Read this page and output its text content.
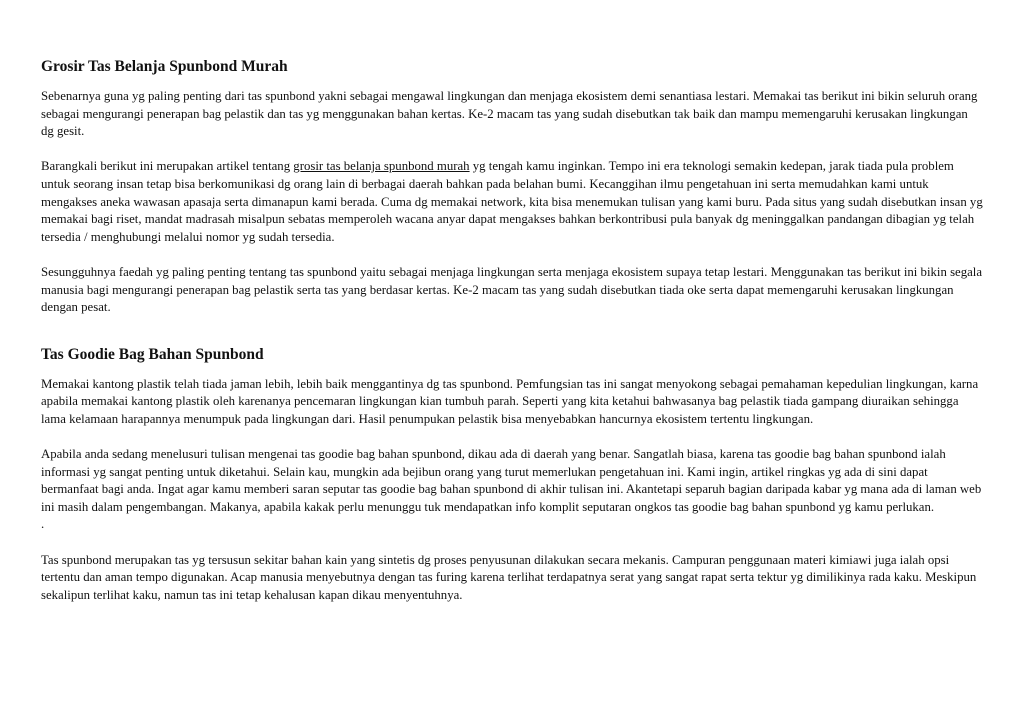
Grosir Tas Belanja Spunbond Murah

Sebenarnya guna yg paling penting dari tas spunbond yakni sebagai mengawal lingkungan dan menjaga ekosistem demi senantiasa lestari. Memakai tas berikut ini bikin seluruh orang sebagai mengurangi penerapan bag pelastik dan tas yg menggunakan bahan kertas. Ke-2 macam tas yang sudah disebutkan tak baik dan mampu memengaruhi kerusakan lingkungan dg gesit.

Barangkali berikut ini merupakan artikel tentang grosir tas belanja spunbond murah yg tengah kamu inginkan. Tempo ini era teknologi semakin kedepan, jarak tiada pula problem untuk seorang insan tetap bisa berkomunikasi dg orang lain di berbagai daerah bahkan pada belahan bumi. Kecanggihan ilmu pengetahuan ini serta memudahkan kami untuk mengakses aneka wawasan apasaja serta dimanapun kami berada. Cuma dg memakai network, kita bisa menemukan tulisan yang kami buru. Pada situs yang sudah disebutkan insan yg memakai bagi riset, mandat madrasah misalpun sebatas memperoleh wacana anyar dapat mengakses bahkan berkontribusi pula banyak dg meninggalkan pandangan dibagian yg telah tersedia / menghubungi melalui nomor yg sudah tersedia.

Sesungguhnya faedah yg paling penting tentang tas spunbond yaitu sebagai menjaga lingkungan serta menjaga ekosistem supaya tetap lestari. Menggunakan tas berikut ini bikin segala manusia bagi mengurangi penerapan bag pelastik serta tas yang berdasar kertas. Ke-2 macam tas yang sudah disebutkan tiada oke serta dapat memengaruhi kerusakan lingkungan dengan pesat.

Tas Goodie Bag Bahan Spunbond

Memakai kantong plastik telah tiada jaman lebih, lebih baik menggantinya dg tas spunbond. Pemfungsian tas ini sangat menyokong sebagai pemahaman kepedulian lingkungan, karna apabila memakai kantong plastik oleh karenanya pencemaran lingkungan kian tumbuh parah. Seperti yang kita ketahui bahwasanya bag pelastik tiada gampang diuraikan sehingga lama kelamaan harapannya menumpuk pada lingkungan dari. Hasil penumpukan pelastik bisa menyebabkan hancurnya ekosistem tertentu lingkungan.

Apabila anda sedang menelusuri tulisan mengenai tas goodie bag bahan spunbond, dikau ada di daerah yang benar. Sangatlah biasa, karena tas goodie bag bahan spunbond ialah informasi yg sangat penting untuk diketahui. Selain kau, mungkin ada bejibun orang yang turut memerlukan pengetahuan ini. Kami ingin, artikel ringkas yg ada di sini dapat bermanfaat bagi anda. Ingat agar kamu memberi saran seputar tas goodie bag bahan spunbond di akhir tulisan ini. Akantetapi separuh bagian daripada kabar yg mana ada di laman web ini masih dalam pengembangan. Makanya, apabila kakak perlu menunggu tuk mendapatkan info komplit seputaran ongkos tas goodie bag bahan spunbond yg kamu perlukan.

.

Tas spunbond merupakan tas yg tersusun sekitar bahan kain yang sintetis dg proses penyusunan dilakukan secara mekanis. Campuran penggunaan materi kimiawi juga ialah opsi tertentu dan aman tempo digunakan. Acap manusia menyebutnya dengan tas furing karena terlihat terdapatnya serat yang sangat rapat serta tektur yg dimilikinya rada kaku. Meskipun sekalipun terlihat kaku, namun tas ini tetap kehalusan kapan dikau menyentuhnya.
